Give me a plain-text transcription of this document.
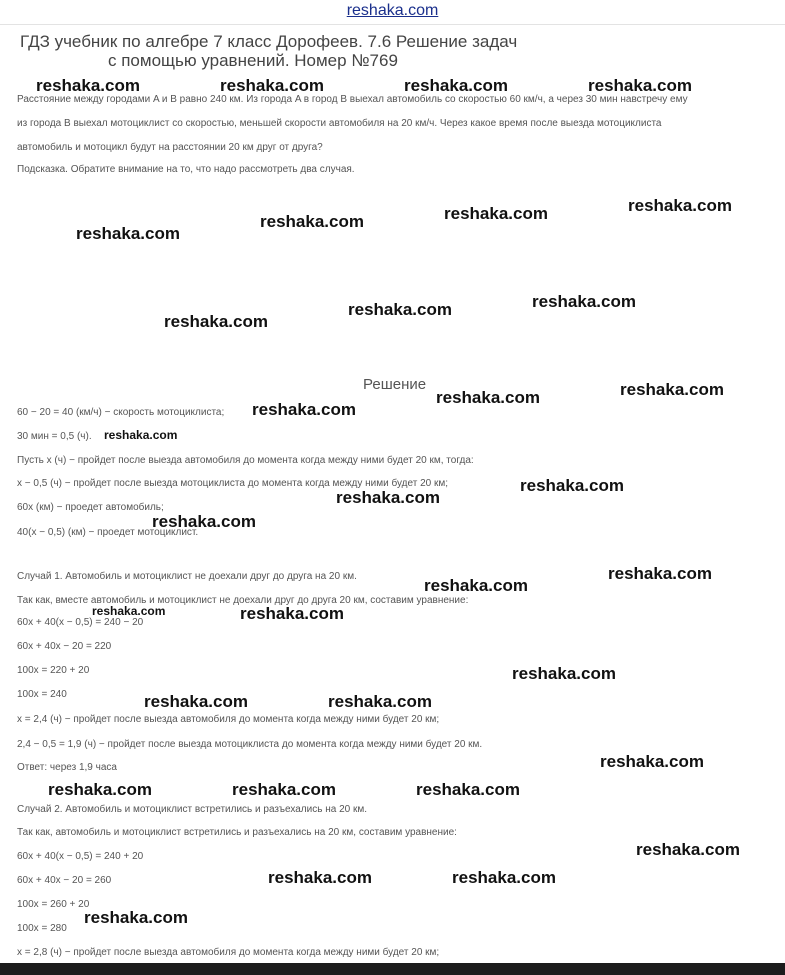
reshaka.com
ГДЗ учебник по алгебре 7 класс Дорофеев. 7.6 Решение задач
с помощью уравнений. Номер №769
Расстояние между городами A и B равно 240 км. Из города A в город B выехал автомобиль со скоростью 60 км/ч, а через 30 мин навстречу ему
из города B выехал мотоциклист со скоростью, меньшей скорости автомобиля на 20 км/ч. Через какое время после выезда мотоциклиста
автомобиль и мотоцикл будут на расстоянии 20 км друг от друга?
Подсказка. Обратите внимание на то, что надо рассмотреть два случая.
Решение
60 − 20 = 40 (км/ч) − скорость мотоциклиста;
30 мин = 0,5 (ч).
Пусть x (ч) − пройдет после выезда автомобиля до момента когда между ними будет 20 км, тогда:
x − 0,5 (ч) − пройдет после выезда мотоциклиста до момента когда между ними будет 20 км;
60x (км) − проедет автомобиль;
40(x − 0,5) (км) − проедет мотоциклист.
Случай 1. Автомобиль и мотоциклист не доехали друг до друга на 20 км.
Так как, вместе автомобиль и мотоциклист не доехали друг до друга 20 км, составим уравнение:
60x + 40(x − 0,5) = 240 − 20
60x + 40x − 20 = 220
100x = 220 + 20
100x = 240
x = 2,4 (ч) − пройдет после выезда автомобиля до момента когда между ними будет 20 км;
2,4 − 0,5 = 1,9 (ч) − пройдет после выезда мотоциклиста до момента когда между ними будет 20 км.
Ответ: через 1,9 часа
Случай 2. Автомобиль и мотоциклист встретились и разъехались на 20 км.
Так как, автомобиль и мотоциклист встретились и разъехались на 20 км, составим уравнение:
60x + 40(x − 0,5) = 240 + 20
60x + 40x − 20 = 260
100x = 260 + 20
100x = 280
x = 2,8 (ч) − пройдет после выезда автомобиля до момента когда между ними будет 20 км;
reshaka.com	reshaka.com	reshaka.com	reshaka.com
reshaka.com
reshaka.com
reshaka.com
reshaka.com
reshaka.com
reshaka.com
reshaka.com
reshaka.com
reshaka.com
reshaka.com
reshaka.com
reshaka.com
reshaka.com
reshaka.com
reshaka.com
reshaka.com
reshaka.com
reshaka.com
reshaka.com
reshaka.com
reshaka.com
reshaka.com
reshaka.com
reshaka.com
reshaka.com
reshaka.com
reshaka.com
reshaka.com
reshaka.com
